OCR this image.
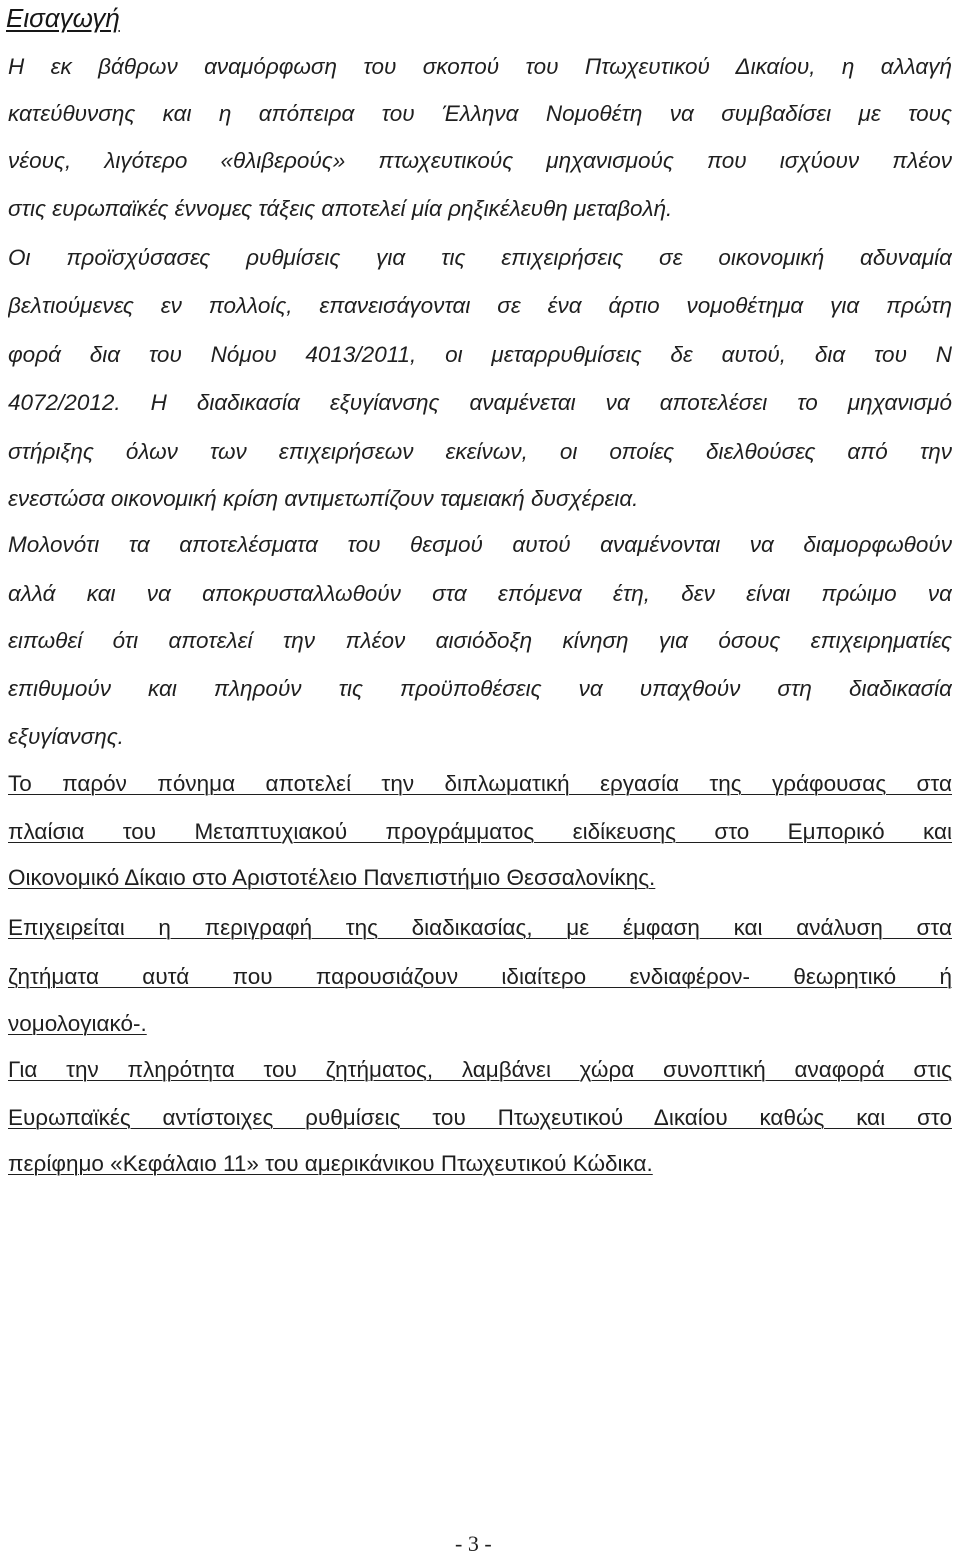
Εισαγωγή

Η εκ βάθρων αναμόρφωση του σκοπού του Πτωχευτικού Δικαίου, η αλλαγή

κατεύθυνσης και η απόπειρα του Έλληνα Νομοθέτη να συμβαδίσει με τους

νέους, λιγότερο «θλιβερούς» πτωχευτικούς μηχανισμούς που ισχύουν πλέον

στις ευρωπαϊκές έννομες τάξεις αποτελεί μία ρηξικέλευθη μεταβολή.

Οι προϊσχύσασες ρυθμίσεις για τις επιχειρήσεις σε οικονομική αδυναμία

βελτιούμενες εν πολλοίς, επανεισάγονται σε ένα άρτιο νομοθέτημα για πρώτη

φορά δια του Νόμου 4013/2011, οι μεταρρυθμίσεις δε αυτού, δια του Ν

4072/2012. Η διαδικασία εξυγίανσης αναμένεται να αποτελέσει το μηχανισμό

στήριξης όλων των επιχειρήσεων εκείνων, οι οποίες διελθούσες από την

ενεστώσα οικονομική κρίση αντιμετωπίζουν ταμειακή δυσχέρεια.

Μολονότι τα αποτελέσματα του θεσμού αυτού αναμένονται να διαμορφωθούν

αλλά και να αποκρυσταλλωθούν στα επόμενα έτη, δεν είναι πρώιμο να

ειπωθεί ότι αποτελεί την πλέον αισιόδοξη κίνηση για όσους επιχειρηματίες

επιθυμούν και πληρούν τις προϋποθέσεις να υπαχθούν στη διαδικασία

εξυγίανσης.

Το παρόν πόνημα αποτελεί την διπλωματική εργασία της γράφουσας στα

πλαίσια του Μεταπτυχιακού προγράμματος ειδίκευσης στο Εμπορικό και

Οικονομικό Δίκαιο στο Αριστοτέλειο Πανεπιστήμιο Θεσσαλονίκης.

Επιχειρείται η περιγραφή της διαδικασίας, με έμφαση και ανάλυση στα

ζητήματα αυτά που παρουσιάζουν ιδιαίτερο ενδιαφέρον- θεωρητικό ή

νομολογιακό-.

Για την πληρότητα του ζητήματος, λαμβάνει χώρα συνοπτική αναφορά στις

Ευρωπαϊκές αντίστοιχες ρυθμίσεις του Πτωχευτικού Δικαίου καθώς και στο

περίφημο «Κεφάλαιο 11» του αμερικάνικου Πτωχευτικού Κώδικα.

- 3 -
